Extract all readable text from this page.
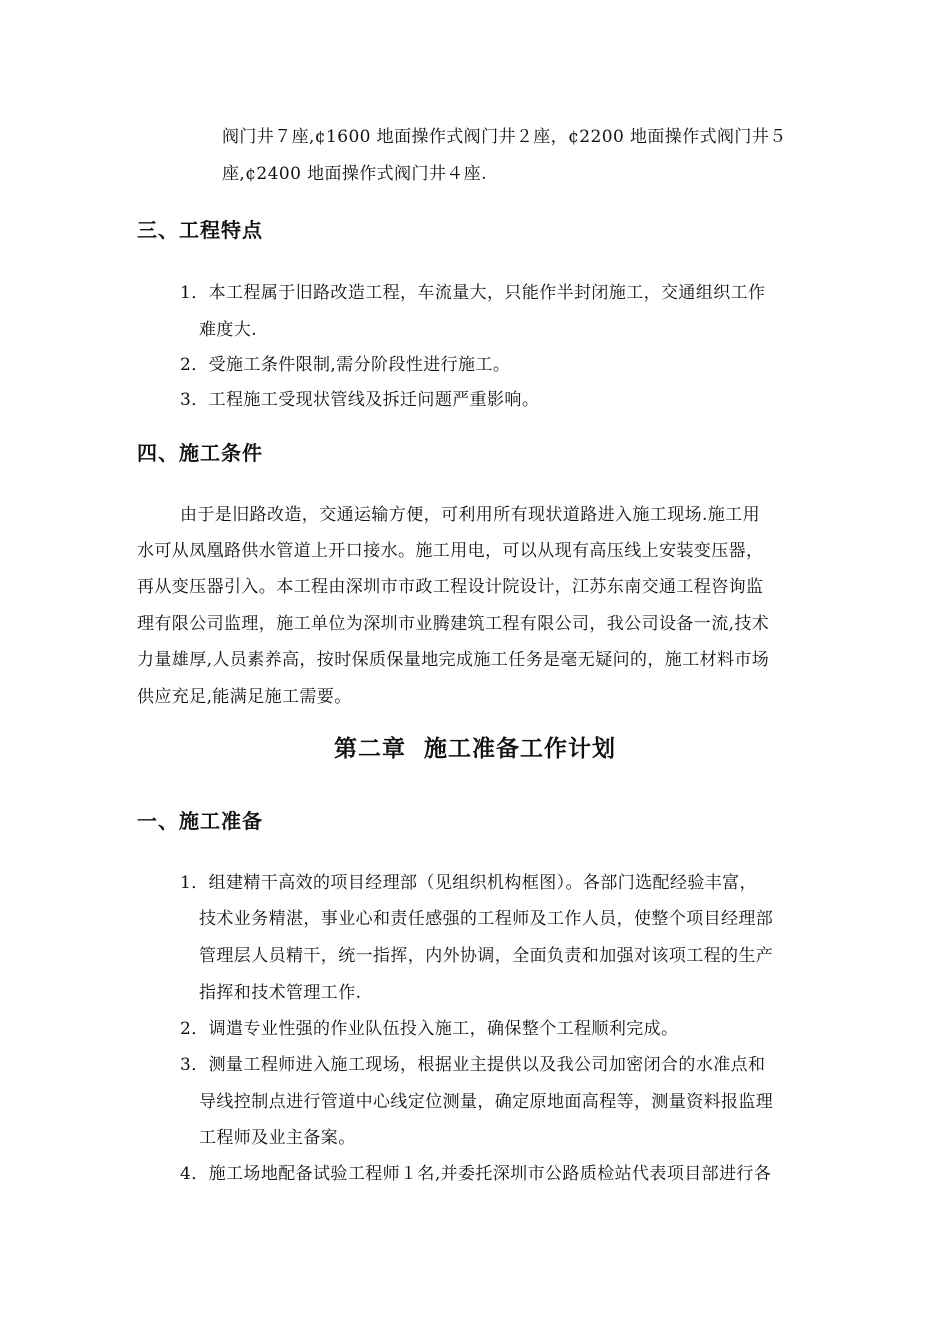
阀门井７座,¢1600 地面操作式阀门井２座，¢2200 地面操作式阀门井５
座,¢2400 地面操作式阀门井４座.
三、工程特点
1．本工程属于旧路改造工程，车流量大，只能作半封闭施工，交通组织工作
难度大.
2．受施工条件限制,需分阶段性进行施工。
3．工程施工受现状管线及拆迁问题严重影响。
四、施工条件
由于是旧路改造，交通运输方便，可利用所有现状道路进入施工现场.施工用
水可从凤凰路供水管道上开口接水。施工用电，可以从现有高压线上安装变压器，
再从变压器引入。本工程由深圳市市政工程设计院设计，江苏东南交通工程咨询监
理有限公司监理，施工单位为深圳市业腾建筑工程有限公司，我公司设备一流,技术
力量雄厚,人员素养高，按时保质保量地完成施工任务是毫无疑问的，施工材料市场
供应充足,能满足施工需要。
第二章  施工准备工作计划
一、施工准备
1．组建精干高效的项目经理部（见组织机构框图）。各部门选配经验丰富，
技术业务精湛，事业心和责任感强的工程师及工作人员，使整个项目经理部
管理层人员精干，统一指挥，内外协调，全面负责和加强对该项工程的生产
指挥和技术管理工作.
2．调遣专业性强的作业队伍投入施工，确保整个工程顺利完成。
3．测量工程师进入施工现场，根据业主提供以及我公司加密闭合的水准点和
导线控制点进行管道中心线定位测量，确定原地面高程等，测量资料报监理
工程师及业主备案。
4．施工场地配备试验工程师１名,并委托深圳市公路质检站代表项目部进行各
